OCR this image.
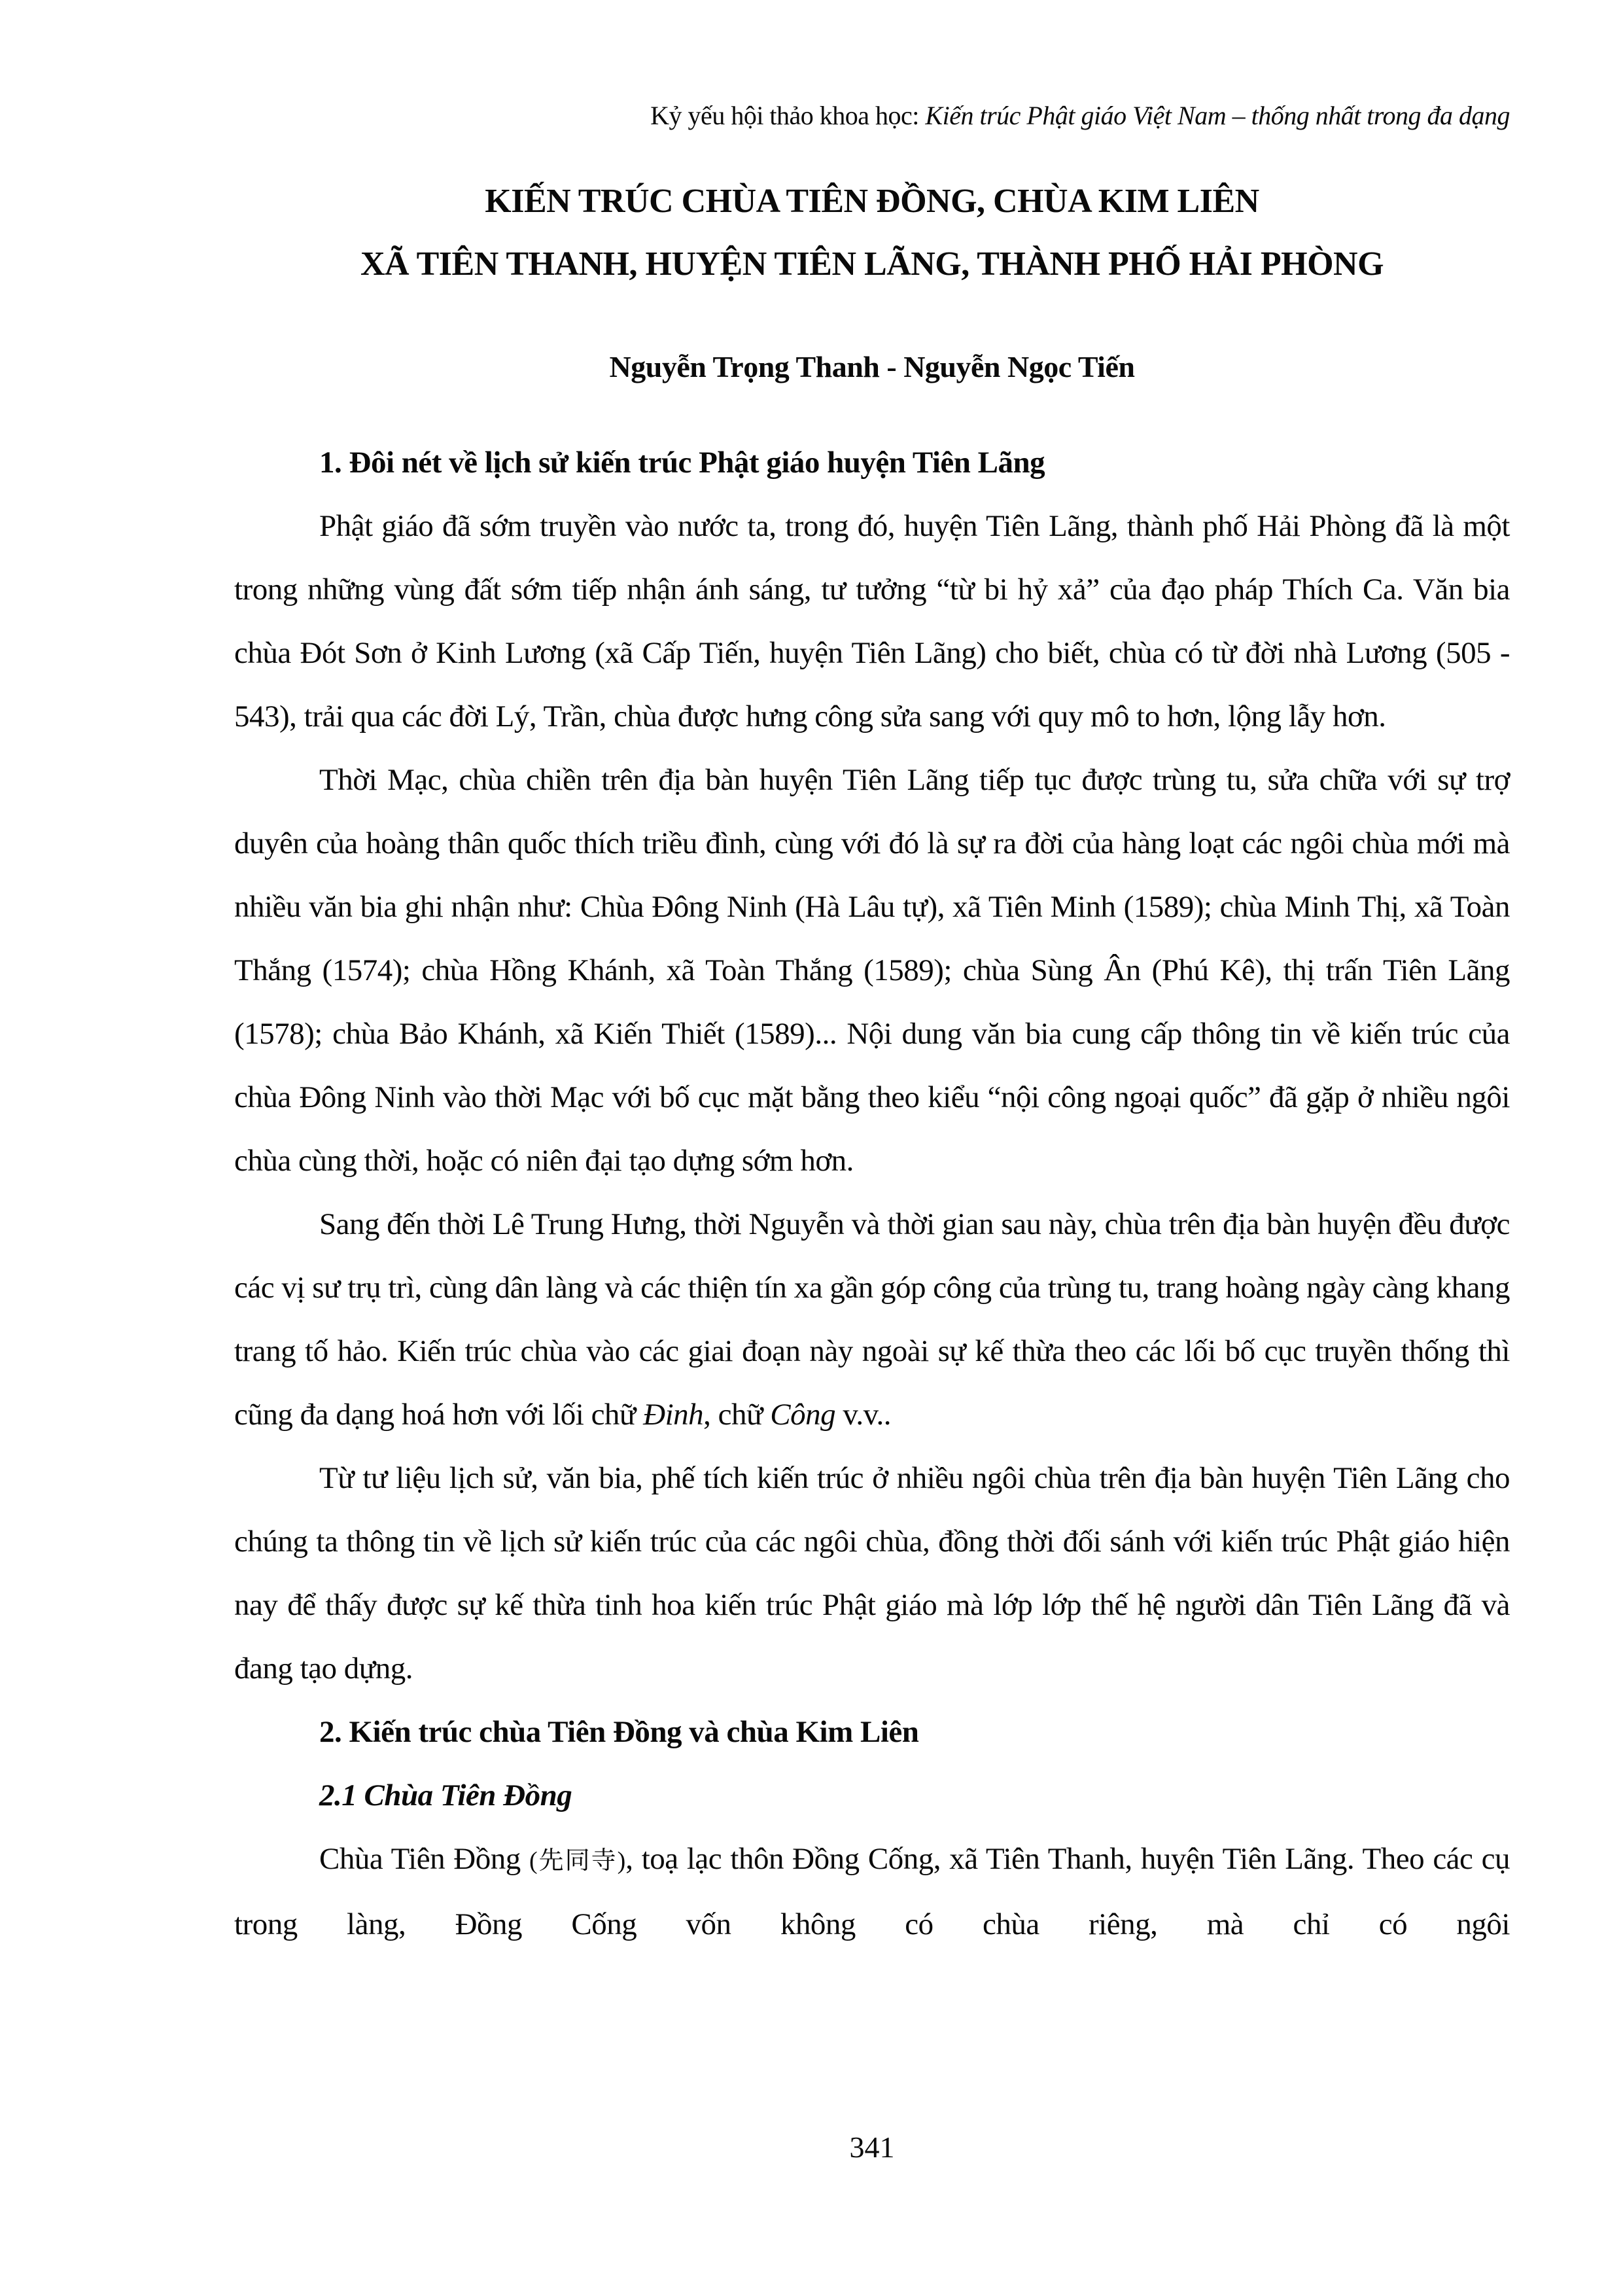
Kỷ yếu hội thảo khoa học: Kiến trúc Phật giáo Việt Nam – thống nhất trong đa dạng
KIẾN TRÚC CHÙA TIÊN ĐỒNG, CHÙA KIM LIÊN
XÃ TIÊN THANH, HUYỆN TIÊN LÃNG, THÀNH PHỐ HẢI PHÒNG
Nguyễn Trọng Thanh - Nguyễn Ngọc Tiến
1. Đôi nét về lịch sử kiến trúc Phật giáo huyện Tiên Lãng

Phật giáo đã sớm truyền vào nước ta, trong đó, huyện Tiên Lãng, thành phố Hải Phòng đã là một trong những vùng đất sớm tiếp nhận ánh sáng, tư tưởng “từ bi hỷ xả” của đạo pháp Thích Ca. Văn bia chùa Đót Sơn ở Kinh Lương (xã Cấp Tiến, huyện Tiên Lãng) cho biết, chùa có từ đời nhà Lương (505 - 543), trải qua các đời Lý, Trần, chùa được hưng công sửa sang với quy mô to hơn, lộng lẫy hơn.

Thời Mạc, chùa chiền trên địa bàn huyện Tiên Lãng tiếp tục được trùng tu, sửa chữa với sự trợ duyên của hoàng thân quốc thích triều đình, cùng với đó là sự ra đời của hàng loạt các ngôi chùa mới mà nhiều văn bia ghi nhận như: Chùa Đông Ninh (Hà Lâu tự), xã Tiên Minh (1589); chùa Minh Thị, xã Toàn Thắng (1574); chùa Hồng Khánh, xã Toàn Thắng (1589); chùa Sùng Ân (Phú Kê), thị trấn Tiên Lãng (1578); chùa Bảo Khánh, xã Kiến Thiết (1589)... Nội dung văn bia cung cấp thông tin về kiến trúc của chùa Đông Ninh vào thời Mạc với bố cục mặt bằng theo kiểu “nội công ngoại quốc” đã gặp ở nhiều ngôi chùa cùng thời, hoặc có niên đại tạo dựng sớm hơn.

Sang đến thời Lê Trung Hưng, thời Nguyễn và thời gian sau này, chùa trên địa bàn huyện đều được các vị sư trụ trì, cùng dân làng và các thiện tín xa gần góp công của trùng tu, trang hoàng ngày càng khang trang tố hảo. Kiến trúc chùa vào các giai đoạn này ngoài sự kế thừa theo các lối bố cục truyền thống thì cũng đa dạng hoá hơn với lối chữ Đinh, chữ Công v.v..

Từ tư liệu lịch sử, văn bia, phế tích kiến trúc ở nhiều ngôi chùa trên địa bàn huyện Tiên Lãng cho chúng ta thông tin về lịch sử kiến trúc của các ngôi chùa, đồng thời đối sánh với kiến trúc Phật giáo hiện nay để thấy được sự kế thừa tinh hoa kiến trúc Phật giáo mà lớp lớp thế hệ người dân Tiên Lãng đã và đang tạo dựng.

2. Kiến trúc chùa Tiên Đồng và chùa Kim Liên
2.1 Chùa Tiên Đồng

Chùa Tiên Đồng (先同寺), toạ lạc thôn Đồng Cống, xã Tiên Thanh, huyện Tiên Lãng. Theo các cụ trong làng, Đồng Cống vốn không có chùa riêng, mà chỉ có ngôi

341
